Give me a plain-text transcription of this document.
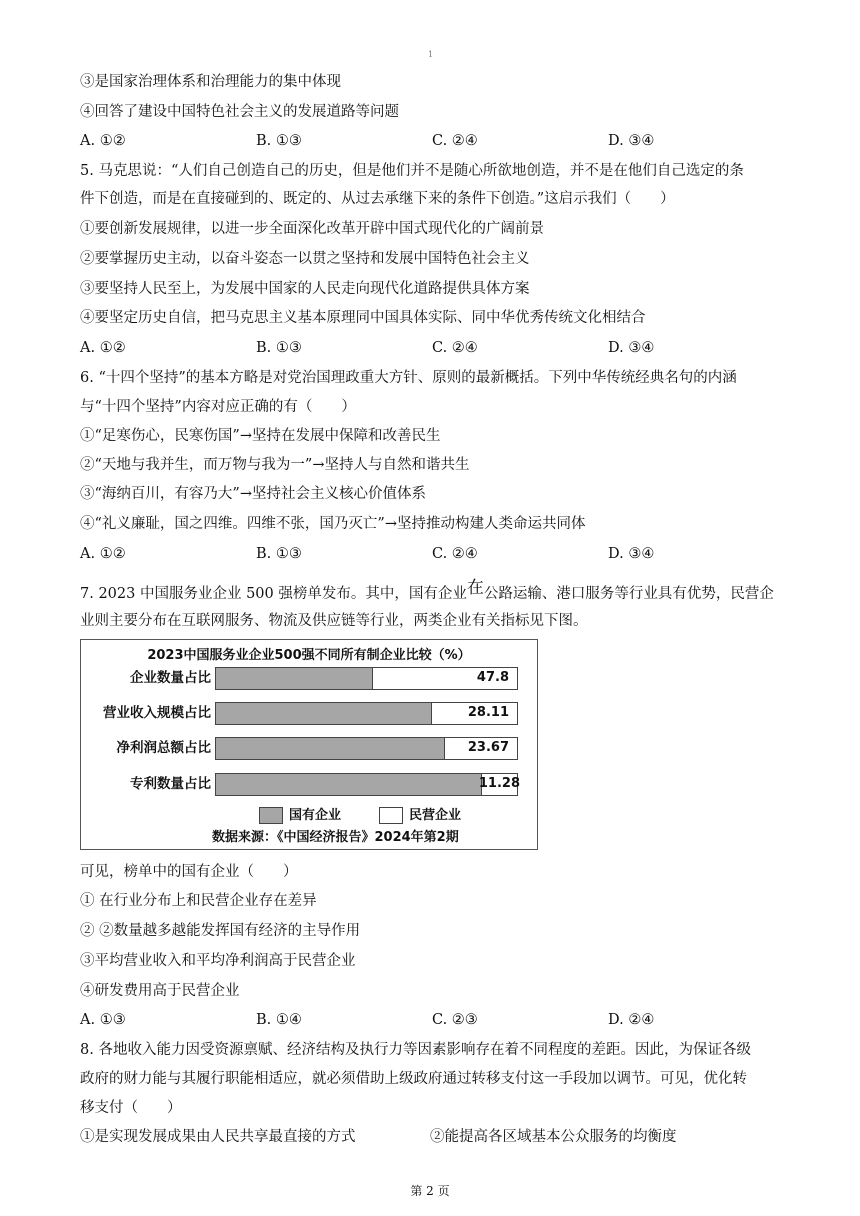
1
③是国家治理体系和治理能力的集中体现
④回答了建设中国特色社会主义的发展道路等问题
A. ①②	B. ①③	C. ②④	D. ③④
5. 马克思说：“人们自己创造自己的历史，但是他们并不是随心所欲地创造，并不是在他们自己选定的条
件下创造，而是在直接碰到的、既定的、从过去承继下来的条件下创造。”这启示我们（　　）
①要创新发展规律，以进一步全面深化改革开辟中国式现代化的广阔前景
②要掌握历史主动，以奋斗姿态一以贯之坚持和发展中国特色社会主义
③要坚持人民至上，为发展中国家的人民走向现代化道路提供具体方案
④要坚定历史自信，把马克思主义基本原理同中国具体实际、同中华优秀传统文化相结合
A. ①②	B. ①③	C. ②④	D. ③④
6. “十四个坚持”的基本方略是对党治国理政重大方针、原则的最新概括。下列中华传统经典名句的内涵
与“十四个坚持”内容对应正确的有（　　）
①“足寒伤心，民寒伤国”→坚持在发展中保障和改善民生
②“天地与我并生，而万物与我为一”→坚持人与自然和谐共生
③“海纳百川，有容乃大”→坚持社会主义核心价值体系
④“礼义廉耻，国之四维。四维不张，国乃灭亡”→坚持推动构建人类命运共同体
A. ①②	B. ①③	C. ②④	D. ③④
7. 2023 中国服务业企业 500 强榜单发布。其中，国有企业在公路运输、港口服务等行业具有优势，民营企
业则主要分布在互联网服务、物流及供应链等行业，两类企业有关指标见下图。
2023中国服务业企业500强不同所有制企业比较（%）
企业数量占比	47.8
营业收入规模占比	28.11
净利润总额占比	23.67
专利数量占比	11.28
国有企业	民营企业
数据来源：《中国经济报告》2024年第2期
可见，榜单中的国有企业（　　）
① 在行业分布上和民营企业存在差异
② ②数量越多越能发挥国有经济的主导作用
③平均营业收入和平均净利润高于民营企业
④研发费用高于民营企业
A. ①③	B. ①④	C. ②③	D. ②④
8. 各地收入能力因受资源禀赋、经济结构及执行力等因素影响存在着不同程度的差距。因此，为保证各级
政府的财力能与其履行职能相适应，就必须借助上级政府通过转移支付这一手段加以调节。可见，优化转
移支付（　　）
①是实现发展成果由人民共享最直接的方式	②能提高各区域基本公众服务的均衡度
第 2 页
